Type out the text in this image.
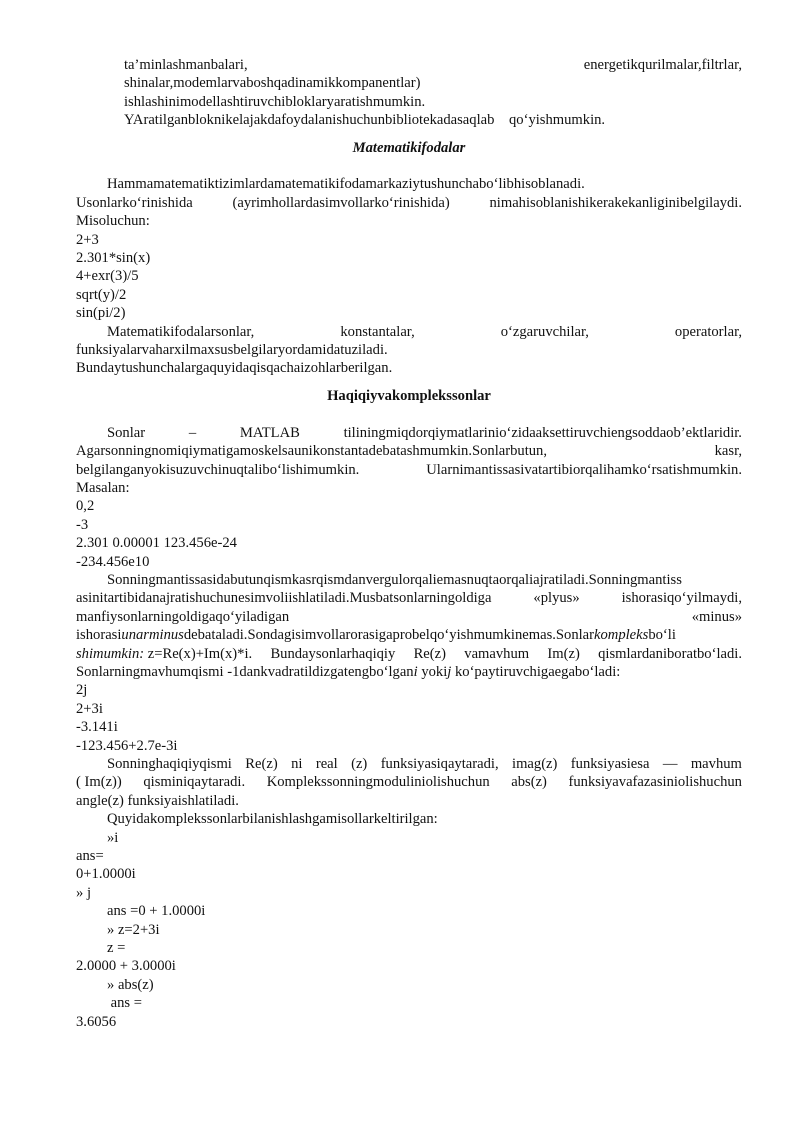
ta’minlashmanbalari,	energetikqurilmalar,filtrlar,
shinalar,modemlarvaboshqadinamikkompanentlar)
ishlashinimodellashtiruvchibloklaryaratishmumkin.
YAratilganbloknikelajakdafoydalanishuchunbibliotekadasaqlab    qo‘yishmumkin.
Matematikifodalar
Hammamatematiktizimlardamatematikifodamarkaziytushunchabo‘libhisoblanadi.
Usonlarko‘rinishida	(ayrimhollardasimvollarko‘rinishida)	nimahisoblanishikerakekanliginibelgilaydi.
Misoluchun:
2+3
2.301*sin(x)
4+exr(3)/5
sqrt(y)/2
sin(pi/2)
Matematikifodalarsonlar,	konstantalar,	o‘zgaruvchilar,	operatorlar,
funksiyalarvaharxilmaxsusbelgilaryordamidatuziladi.
Bundaytushunchalargaquyidaqisqachaizohlarberilgan.
Haqiqiyvakomplekssonlar
Sonlar	–	MATLAB	tiliningmiqdorqiymatlarinio‘zidaaksettiruvchiengsoddaob’ektlaridir.
Agarsonningnomiqiymatigamoskelsaunikonstantadebatashmumkin.Sonlarbutun,	kasr,
belgilanganyokisuzuvchinuqtalibo‘lishimumkin.	Ularnimantissasivatartibiorqalihamko‘rsatishmumkin.
Masalan:
0,2
-3
2.301 0.00001 123.456e-24
-234.456e10
Sonningmantissasidabutunqismkasrqismdanvergulorqaliemasnuqtaorqaliajratiladi.Sonningmantiss
asinitartibidanajratishuchunesimvoliishlatiladi.Musbatsonlarningoldiga	«plyus»	ishorasiqo‘yilmaydi,
manfiysonlarningoldigaqo‘yiladigan	«minus»
ishorasiunarminusdebataladi.Sondagisimvollarorasigaprobelqo‘yishmumkinemas.Sonlarkompleksbo‘li
shimumkin: z=Re(x)+Im(x)*i. Bundaysonlarhaqiqiy Re(z) vamavhum Im(z) qismlardaniboratbo‘ladi.
Sonlarningmavhumqismi -1dankvadratildizgatengbo‘lgani yokij ko‘paytiruvchigaegabo‘ladi:
2j
2+3i
-3.141i
-123.456+2.7e-3i
Sonninghaqiqiyqismi Re(z) ni real (z) funksiyasiqaytaradi, imag(z) funksiyasiesa — mavhum
( Im(z)) qisminiqaytaradi. Komplekssonningmoduliniolishuchun abs(z) funksiyavafazasiniolishuchun
angle(z) funksiyaishlatiladi.
Quyidakomplekssonlarbilanishlashgamisollarkeltirilgan:
»i
ans=
0+1.0000i
» j
ans =0 + 1.0000i
» z=2+3i
z =
2.0000 + 3.0000i
» abs(z)
ans =
3.6056
